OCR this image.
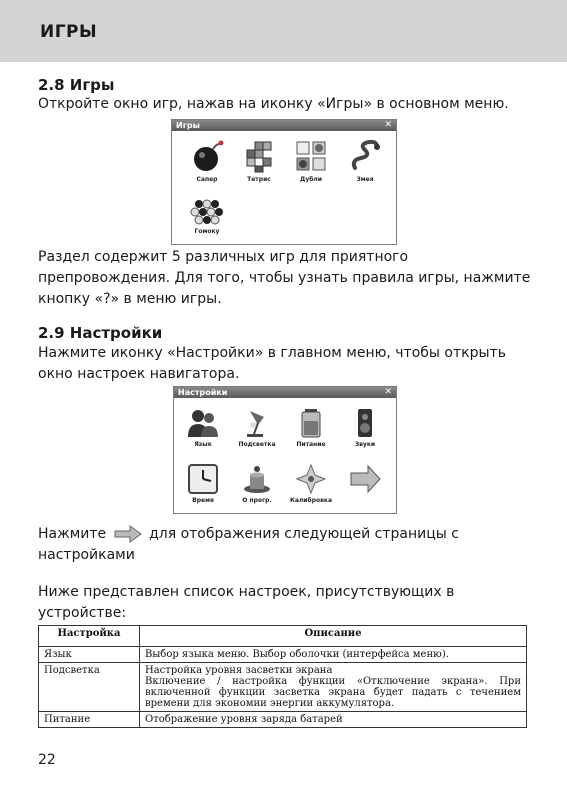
ИГРЫ
2.8 Игры

Откройте окно игр, нажав на иконку «Игры» в основном меню.

Игры	✕
Сапер	Тетрис	Дубли	Змея
Гомоку

Раздел содержит 5 различных игр для приятного

препровождения. Для того, чтобы узнать правила игры, нажмите

кнопку «?» в меню игры.

2.9 Настройки

Нажмите иконку «Настройки» в главном меню, чтобы открыть

окно настроек навигатора.

Настройки	✕
Язык	Подсветка	Питание	Звуки
Время	О прогр.	Калибровка

Нажмите	для отображения следующей страницы с

настройками

Ниже представлен список настроек, присутствующих в

устройстве:

Настройка	Описание
Язык	Выбор языка меню. Выбор оболочки (интерфейса меню).

Подсветка	Настройка уровня засветки экрана
Включение / настройка функции «Отключение экрана». При включенной функции засветка экрана будет падать с течением времени для экономии энергии аккумулятора.

Питание	Отображение уровня заряда батарей
22
